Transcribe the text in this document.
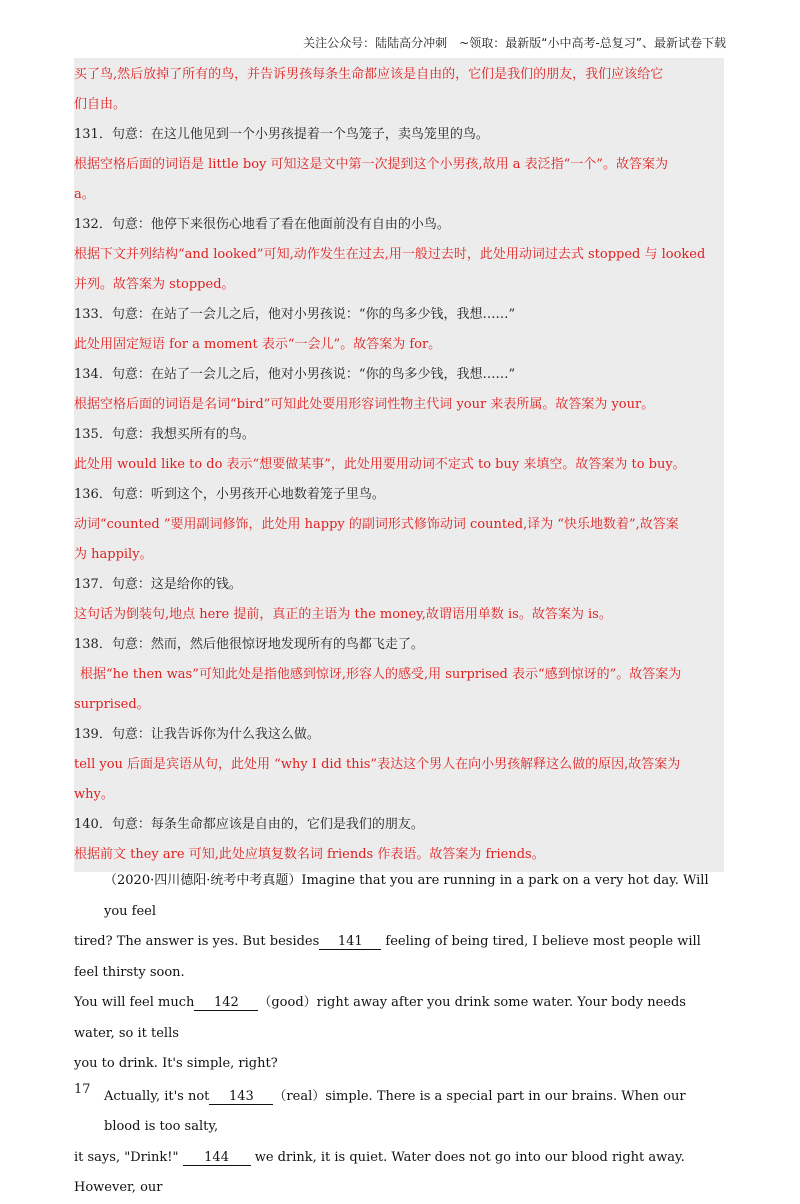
关注公众号：陆陆高分冲刺　~领取：最新版“小中高考-总复习”、最新试卷下载
买了鸟,然后放掉了所有的鸟，并告诉男孩每条生命都应该是自由的，它们是我们的朋友，我们应该给它
们自由。
131．句意：在这儿他见到一个小男孩提着一个鸟笼子，卖鸟笼里的鸟。
根据空格后面的词语是 little boy 可知这是文中第一次提到这个小男孩,故用 a 表泛指“一个”。故答案为
a。
132．句意：他停下来很伤心地看了看在他面前没有自由的小鸟。
根据下文并列结构“and looked”可知,动作发生在过去,用一般过去时，此处用动词过去式 stopped 与 looked
并列。故答案为 stopped。
133．句意：在站了一会儿之后，他对小男孩说：“你的鸟多少钱，我想……”
此处用固定短语 for a moment 表示“一会儿”。故答案为 for。
134．句意：在站了一会儿之后，他对小男孩说：“你的鸟多少钱，我想……”
根据空格后面的词语是名词“bird”可知此处要用形容词性物主代词 your 来表所属。故答案为 your。
135．句意：我想买所有的鸟。
此处用 would like to do 表示“想要做某事”，此处用要用动词不定式 to buy 来填空。故答案为 to buy。
136．句意：听到这个，小男孩开心地数着笼子里鸟。
动词“counted ”要用副词修饰，此处用 happy 的副词形式修饰动词 counted,译为 “快乐地数着”,故答案
为 happily。
137．句意：这是给你的钱。
这句话为倒装句,地点 here 提前，真正的主语为 the money,故谓语用单数 is。故答案为 is。
138．句意：然而，然后他很惊讶地发现所有的鸟都飞走了。
根据“he then was”可知此处是指他感到惊讶,形容人的感受,用 surprised 表示“感到惊讶的”。故答案为
surprised。
139．句意：让我告诉你为什么我这么做。
tell you 后面是宾语从句，此处用 “why I did this”表达这个男人在向小男孩解释这么做的原因,故答案为
why。
140．句意：每条生命都应该是自由的，它们是我们的朋友。
根据前文 they are 可知,此处应填复数名词 friends 作表语。故答案为 friends。

（2020·四川德阳·统考中考真题）Imagine that you are running in a park on a very hot day. Will you feel

tired? The answer is yes. But besides 141 feeling of being tired, I believe most people will feel thirsty soon.

You will feel much 142 （good）right away after you drink some water. Your body needs water, so it tells

you to drink. It's simple, right?

Actually, it's not 143 （real）simple. There is a special part in our brains. When our blood is too salty,

it says, "Drink!" 144 we drink, it is quiet. Water does not go into our blood right away. However, our

17
